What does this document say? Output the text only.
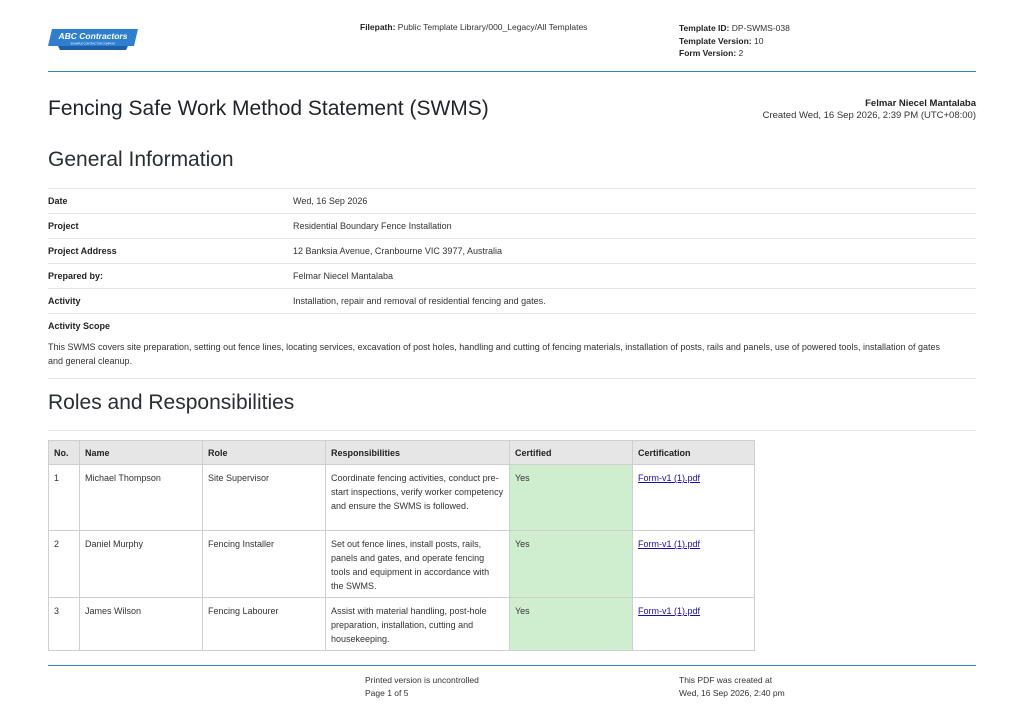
ABC Contractors
EXAMPLE CONTRACTOR COMPANY
Filepath: Public Template Library/000_Legacy/All Templates	Template ID: DP-SWMS-038
Template Version: 10
Form Version: 2
Fencing Safe Work Method Statement (SWMS)	Felmar Niecel Mantalaba
Created Wed, 16 Sep 2026, 2:39 PM (UTC+08:00)
General Information
Date	Wed, 16 Sep 2026
Project	Residential Boundary Fence Installation
Project Address	12 Banksia Avenue, Cranbourne VIC 3977, Australia
Prepared by:	Felmar Niecel Mantalaba
Activity	Installation, repair and removal of residential fencing and gates.
Activity Scope
This SWMS covers site preparation, setting out fence lines, locating services, excavation of post holes, handling and cutting of fencing materials, installation of posts, rails and panels, use of powered tools, installation of gates and general cleanup.
Roles and Responsibilities
No.	Name	Role	Responsibilities	Certified	Certification
1	Michael Thompson	Site Supervisor	Coordinate fencing activities, conduct pre-start inspections, verify worker competency and ensure the SWMS is followed.	Yes	Form-v1 (1).pdf
2	Daniel Murphy	Fencing Installer	Set out fence lines, install posts, rails, panels and gates, and operate fencing tools and equipment in accordance with the SWMS.	Yes	Form-v1 (1).pdf
3	James Wilson	Fencing Labourer	Assist with material handling, post-hole preparation, installation, cutting and housekeeping.	Yes	Form-v1 (1).pdf
Printed version is uncontrolled
Page 1 of 5
This PDF was created at
Wed, 16 Sep 2026, 2:40 pm
